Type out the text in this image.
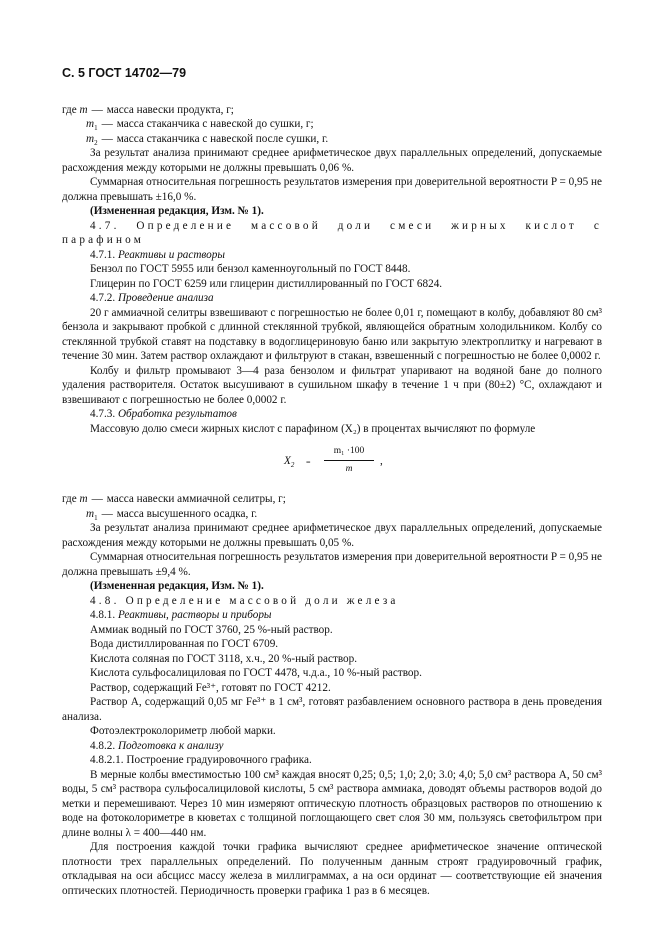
С. 5 ГОСТ 14702—79
где m — масса навески продукта, г;
$m_1$ — масса стаканчика с навеской до сушки, г;
$m_2$ — масса стаканчика с навеской после сушки, г.

За результат анализа принимают среднее арифметическое двух параллельных определений, допускаемые расхождения между которыми не должны превышать 0,06 %.

Суммарная относительная погрешность результатов измерения при доверительной вероятности P = 0,95 не должна превышать ±16,0 %.

(Измененная редакция, Изм. № 1).

4.7. Определение массовой доли смеси жирных кислот с парафином

4.7.1. Реактивы и растворы

Бензол по ГОСТ 5955 или бензол каменноугольный по ГОСТ 8448.

Глицерин по ГОСТ 6259 или глицерин дистиллированный по ГОСТ 6824.

4.7.2. Проведение анализа

20 г аммиачной селитры взвешивают с погрешностью не более 0,01 г, помещают в колбу, добавляют 80 см³ бензола и закрывают пробкой с длинной стеклянной трубкой, являющейся обратным холодильником. Колбу со стеклянной трубкой ставят на подставку в водоглицериновую баню или закрытую электроплитку и нагревают в течение 30 мин. Затем раствор охлаждают и фильтруют в стакан, взвешенный с погрешностью не более 0,0002 г.

Колбу и фильтр промывают 3—4 раза бензолом и фильтрат упаривают на водяной бане до полного удаления растворителя. Остаток высушивают в сушильном шкафу в течение 1 ч при (80±2) °С, охлаждают и взвешивают с погрешностью не более 0,0002 г.

4.7.3. Обработка результатов

Массовую долю смеси жирных кислот с парафином (X₂) в процентах вычисляют по формуле

$X_2 = \frac{\text{m₁ ·100}}{m}$ ,
где m — масса навески аммиачной селитры, г;
$m_1$ — масса высушенного осадка, г.

За результат анализа принимают среднее арифметическое двух параллельных определений, допускаемые расхождения между которыми не должны превышать 0,05 %.

Суммарная относительная погрешность результатов измерения при доверительной вероятности P = 0,95 не должна превышать ±9,4 %.

(Измененная редакция, Изм. № 1).

4.8. Определение массовой доли железа

4.8.1. Реактивы, растворы и приборы

Аммиак водный по ГОСТ 3760, 25 %-ный раствор.

Вода дистиллированная по ГОСТ 6709.

Кислота соляная по ГОСТ 3118, х.ч., 20 %-ный раствор.

Кислота сульфосалициловая по ГОСТ 4478, ч.д.а., 10 %-ный раствор.

Раствор, содержащий Fe³⁺, готовят по ГОСТ 4212.

Раствор А, содержащий 0,05 мг Fe³⁺ в 1 см³, готовят разбавлением основного раствора в день проведения анализа.

Фотоэлектроколориметр любой марки.

4.8.2. Подготовка к анализу

4.8.2.1. Построение градуировочного графика.

В мерные колбы вместимостью 100 см³ каждая вносят 0,25; 0,5; 1,0; 2,0; 3.0; 4,0; 5,0 см³ раствора А, 50 см³ воды, 5 см³ раствора сульфосалициловой кислоты, 5 см³ раствора аммиака, доводят объемы растворов водой до метки и перемешивают. Через 10 мин измеряют оптическую плотность образцовых растворов по отношению к воде на фотоколориметре в кюветах с толщиной поглощающего свет слоя 30 мм, пользуясь светофильтром при длине волны λ = 400—440 нм.

Для построения каждой точки графика вычисляют среднее арифметическое значение оптической плотности трех параллельных определений. По полученным данным строят градуировочный график, откладывая на оси абсцисс массу железа в миллиграммах, а на оси ординат — соответствующие ей значения оптических плотностей. Периодичность проверки графика 1 раз в 6 месяцев.
